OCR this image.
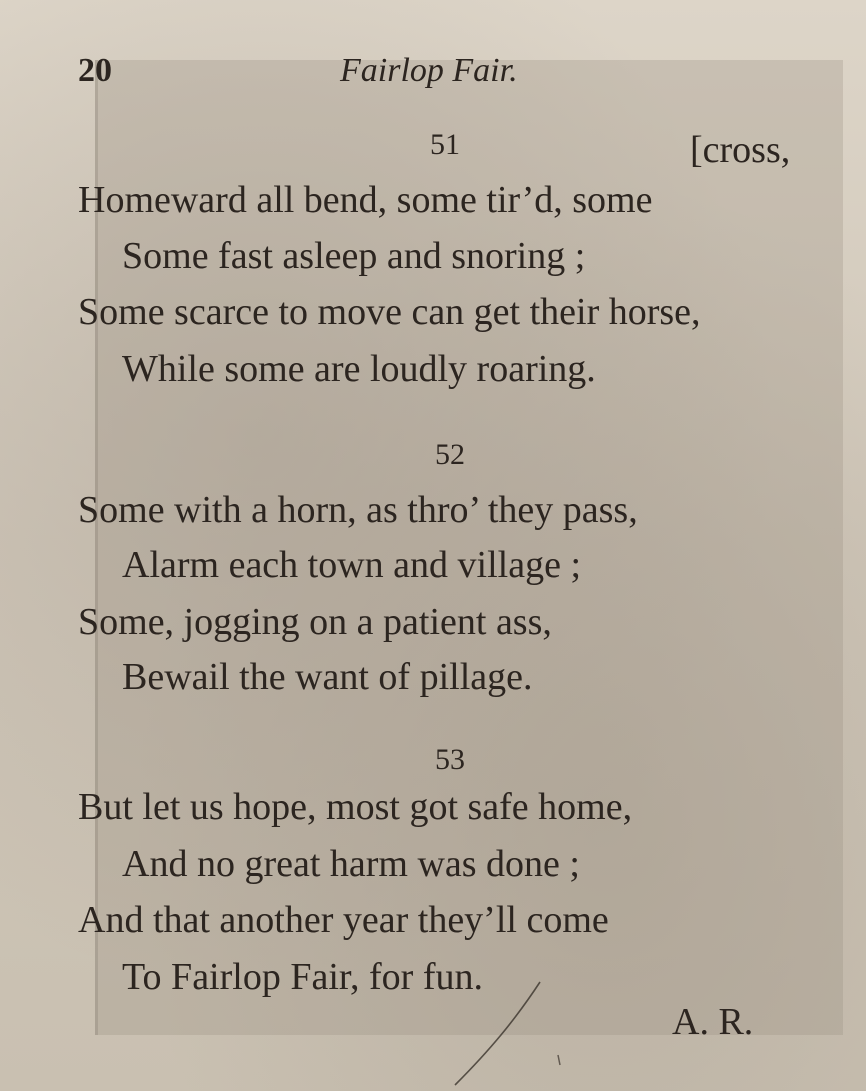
20	Fairlop Fair.
51	[cross,
Homeward all bend, some tir’d, some
Some fast asleep and snoring ;
Some scarce to move can get their horse,
While some are loudly roaring.
52
Some with a horn, as thro’ they pass,
Alarm each town and village ;
Some, jogging on a patient ass,
Bewail the want of pillage.
53
But let us hope, most got safe home,
And no great harm was done ;
And that another year they’ll come
To Fairlop Fair, for fun.
A. R.
